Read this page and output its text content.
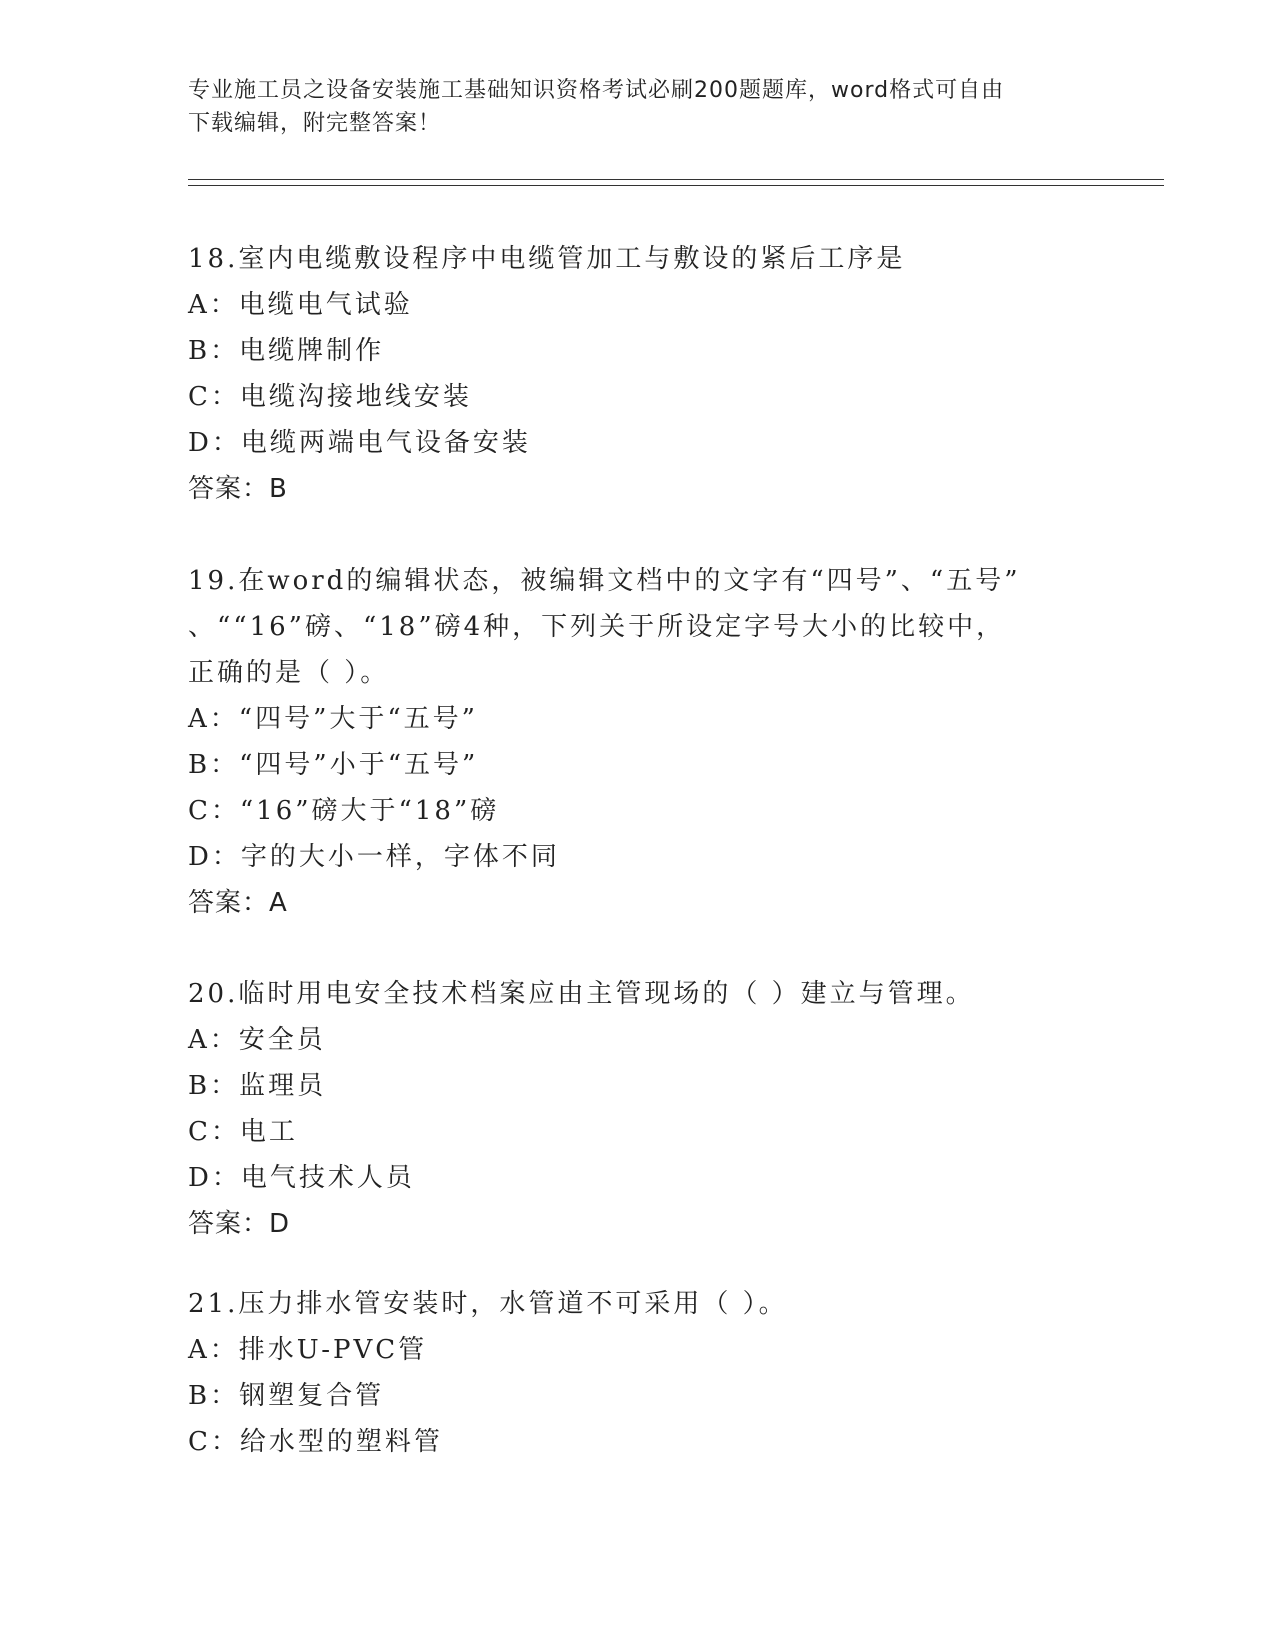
专业施工员之设备安装施工基础知识资格考试必刷200题题库，word格式可自由
下载编辑，附完整答案！

18.室内电缆敷设程序中电缆管加工与敷设的紧后工序是

A：电缆电气试验

B：电缆牌制作

C：电缆沟接地线安装

D：电缆两端电气设备安装

答案：B

19.在word的编辑状态，被编辑文档中的文字有“四号”、“五号”

、““16”磅、“18”磅4种，下列关于所设定字号大小的比较中，

正确的是（ ）。

A：“四号”大于“五号”

B：“四号”小于“五号”

C：“16”磅大于“18”磅

D：字的大小一样，字体不同

答案：A

20.临时用电安全技术档案应由主管现场的（ ）建立与管理。

A：安全员

B：监理员

C：电工

D：电气技术人员

答案：D

21.压力排水管安装时，水管道不可采用（ ）。

A：排水U-PVC管

B：钢塑复合管

C：给水型的塑料管
